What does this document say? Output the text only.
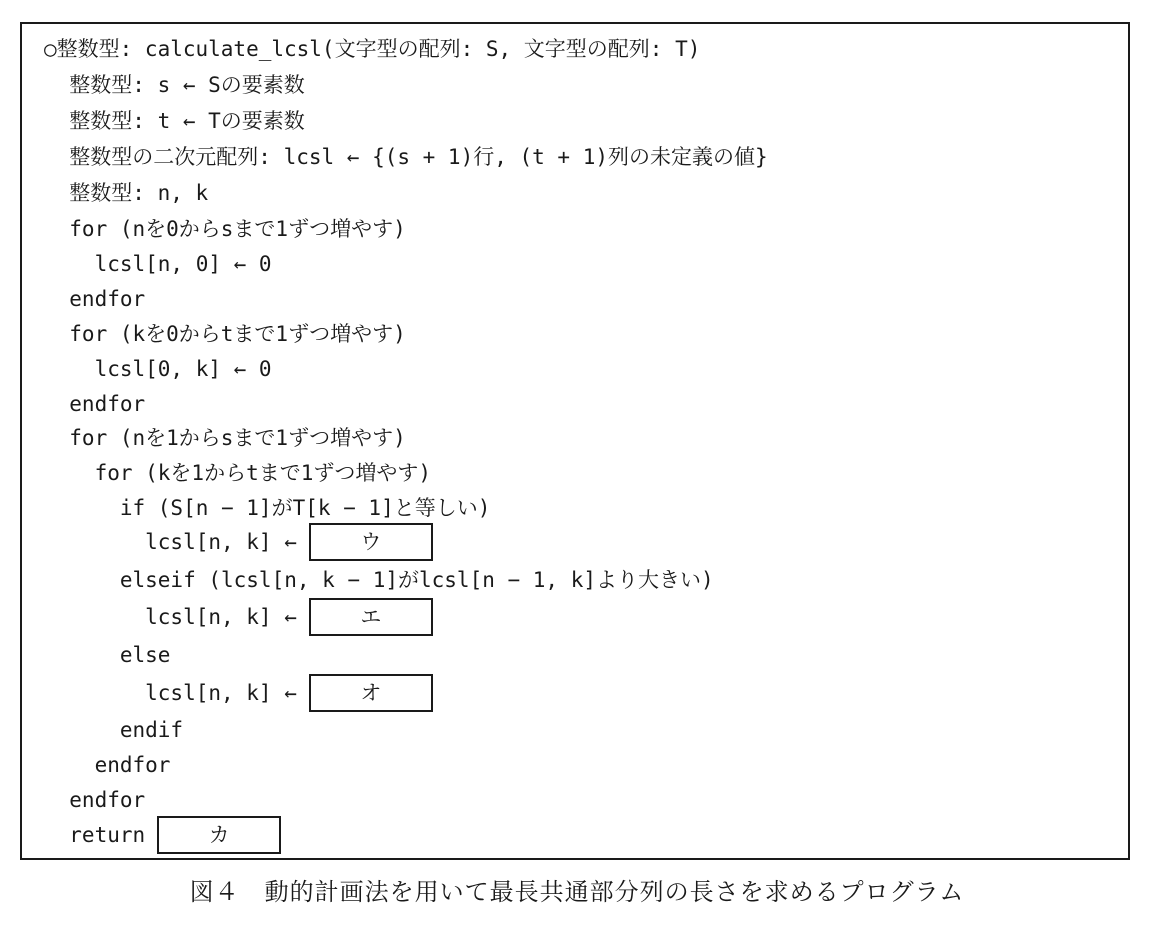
○整数型: calculate_lcsl(文字型の配列: S, 文字型の配列: T)
整数型: s ← Sの要素数
整数型: t ← Tの要素数
整数型の二次元配列: lcsl ← {(s + 1)行, (t + 1)列の未定義の値}
整数型: n, k
for (nを0からsまで1ずつ増やす)
lcsl[n, 0] ← 0
endfor
for (kを0からtまで1ずつ増やす)
lcsl[0, k] ← 0
endfor
for (nを1からsまで1ずつ増やす)
for (kを1からtまで1ずつ増やす)
if (S[n − 1]がT[k − 1]と等しい)
lcsl[n, k] ←	ウ
elseif (lcsl[n, k − 1]がlcsl[n − 1, k]より大きい)
lcsl[n, k] ←	エ
else
lcsl[n, k] ←	オ
endif
endfor
endfor
return	カ
図４　動的計画法を用いて最長共通部分列の長さを求めるプログラム
